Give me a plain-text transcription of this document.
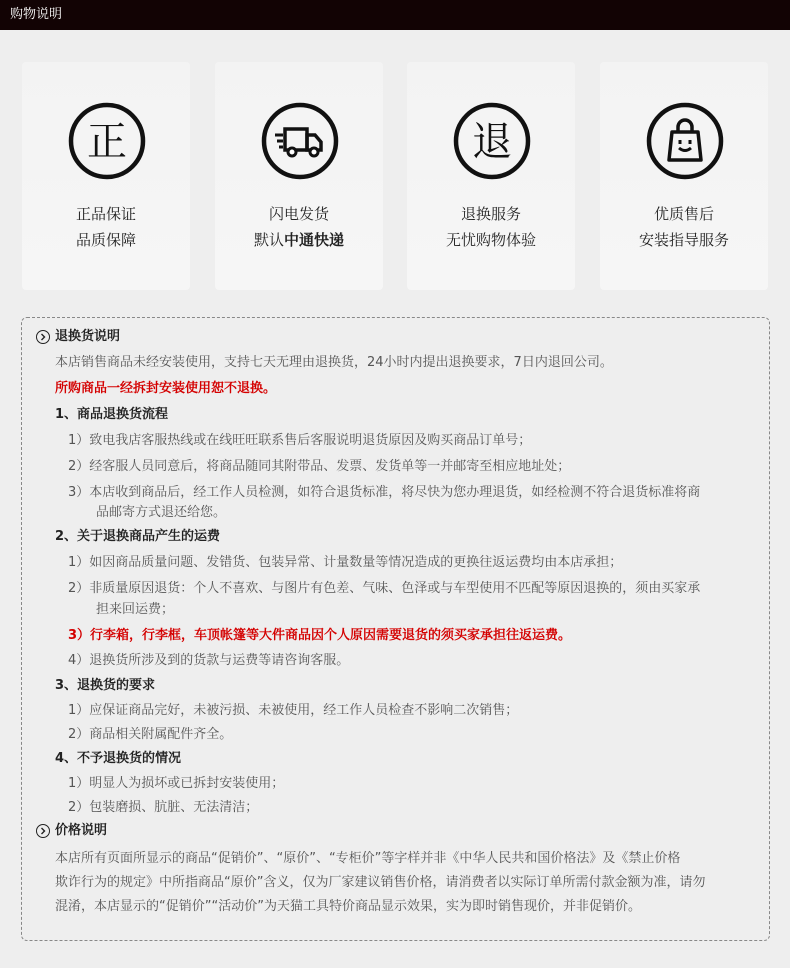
购物说明
正
正品保证
品质保障
闪电发货
默认中通快递
退
退换服务
无忧购物体验
优质售后
安装指导服务
退换货说明
本店销售商品未经安装使用，支持七天无理由退换货，24小时内提出退换要求，7日内退回公司。
所购商品一经拆封安装使用恕不退换。
1、商品退换货流程
1）致电我店客服热线或在线旺旺联系售后客服说明退货原因及购买商品订单号；
2）经客服人员同意后，将商品随同其附带品、发票、发货单等一并邮寄至相应地址处；
3）本店收到商品后，经工作人员检测，如符合退货标准，将尽快为您办理退货，如经检测不符合退货标准将商
品邮寄方式退还给您。
2、关于退换商品产生的运费
1）如因商品质量问题、发错货、包装异常、计量数量等情况造成的更换往返运费均由本店承担；
2）非质量原因退货：个人不喜欢、与图片有色差、气味、色泽或与车型使用不匹配等原因退换的，须由买家承
担来回运费；
3）行李箱，行李框，车顶帐篷等大件商品因个人原因需要退货的须买家承担往返运费。
4）退换货所涉及到的货款与运费等请咨询客服。
3、退换货的要求
1）应保证商品完好，未被污损、未被使用，经工作人员检查不影响二次销售；
2）商品相关附属配件齐全。
4、不予退换货的情况
1）明显人为损坏或已拆封安装使用；
2）包装磨损、肮脏、无法清洁；
价格说明
本店所有页面所显示的商品“促销价”、“原价”、“专柜价”等字样并非《中华人民共和国价格法》及《禁止价格
欺诈行为的规定》中所指商品“原价”含义，仅为厂家建议销售价格，请消费者以实际订单所需付款金额为准，请勿
混淆，本店显示的“促销价”“活动价”为天猫工具特价商品显示效果，实为即时销售现价，并非促销价。
